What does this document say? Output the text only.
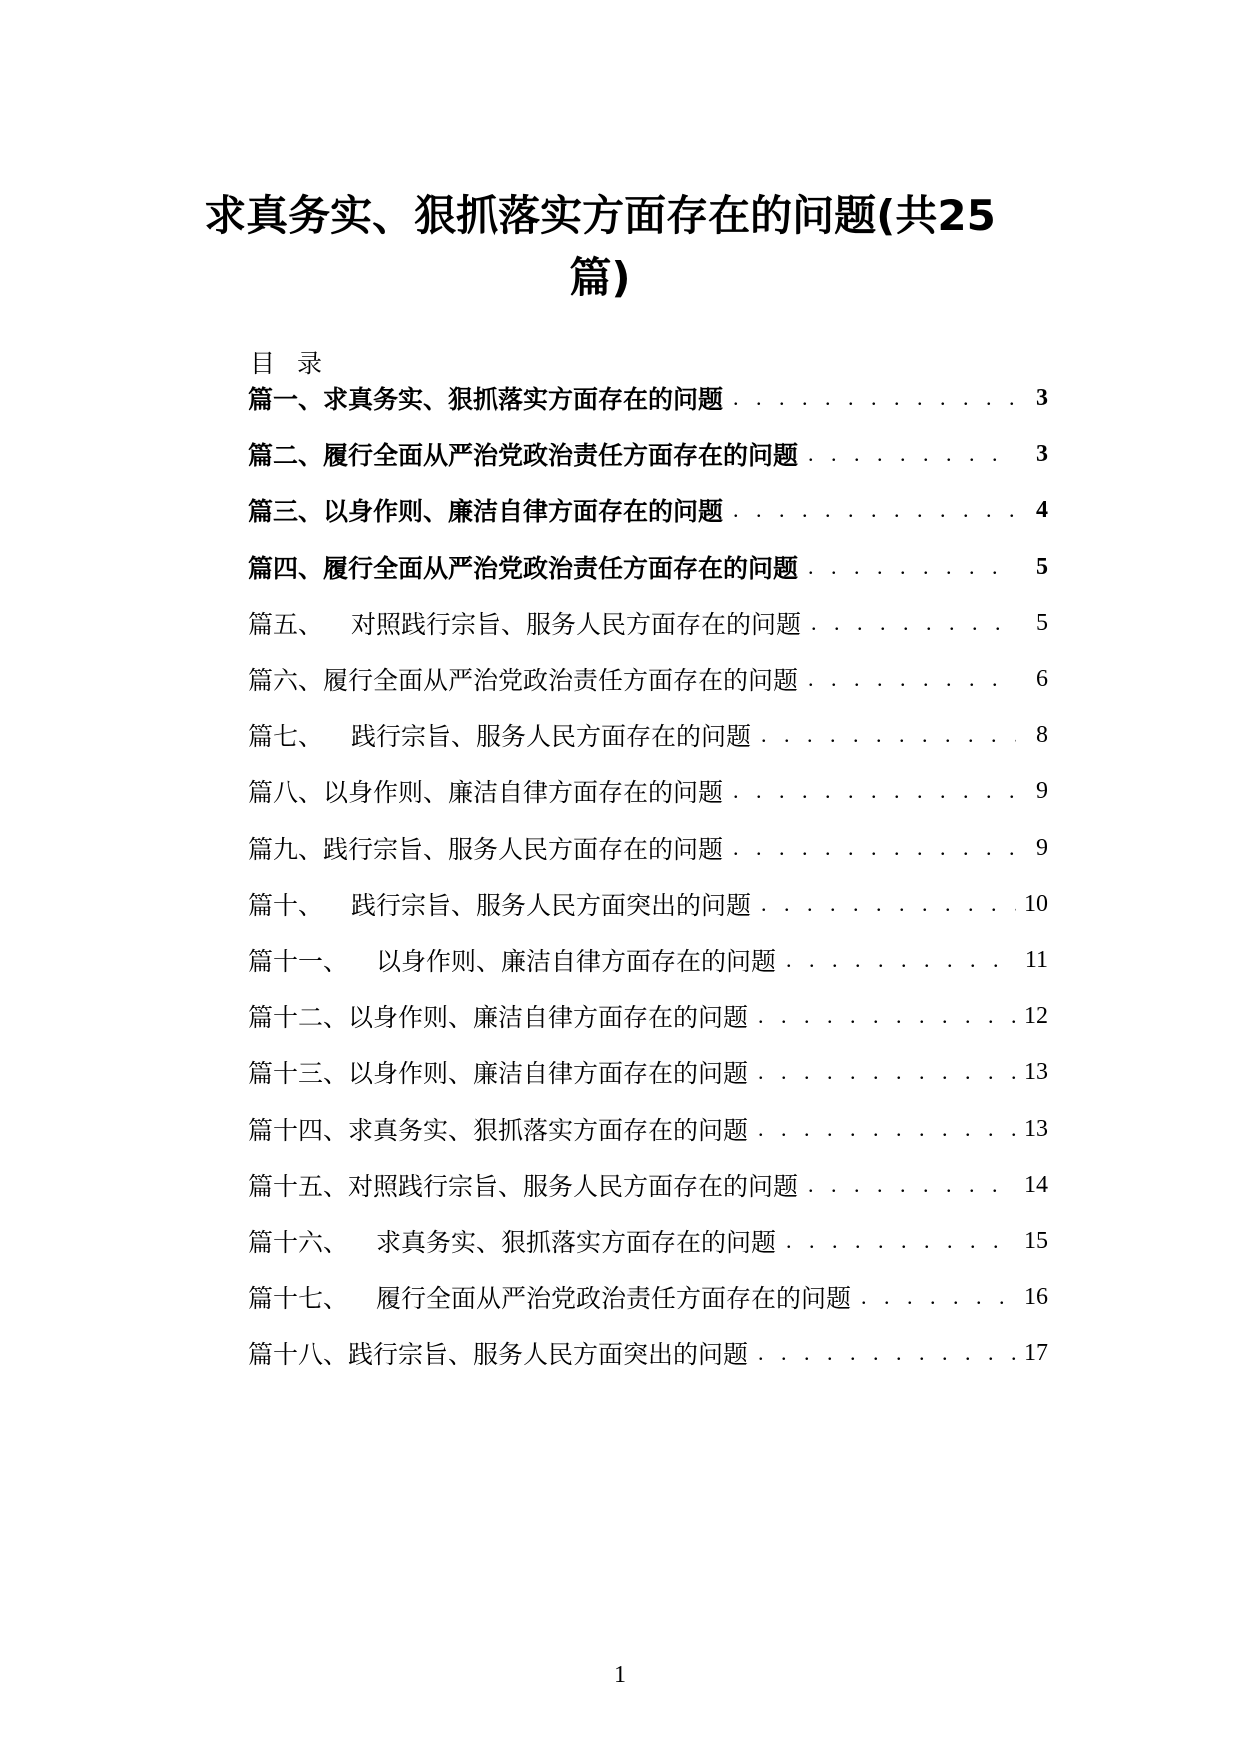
求真务实、狠抓落实方面存在的问题(共25
篇)
目录
篇一、求真务实、狠抓落实方面存在的问题 . . .	3
篇二、履行全面从严治党政治责任方面存在的问题 . . .	3
篇三、以身作则、廉洁自律方面存在的问题 . . .	4
篇四、履行全面从严治党政治责任方面存在的问题 . . .	5
篇五、 对照践行宗旨、服务人民方面存在的问题 . . .	5
篇六、履行全面从严治党政治责任方面存在的问题 . . .	6
篇七、 践行宗旨、服务人民方面存在的问题 . . .	8
篇八、以身作则、廉洁自律方面存在的问题 . . .	9
篇九、践行宗旨、服务人民方面存在的问题 . . .	9
篇十、 践行宗旨、服务人民方面突出的问题 . . .	10
篇十一、 以身作则、廉洁自律方面存在的问题 . . .	11
篇十二、以身作则、廉洁自律方面存在的问题 . . .	12
篇十三、以身作则、廉洁自律方面存在的问题 . . .	13
篇十四、求真务实、狠抓落实方面存在的问题 . . .	13
篇十五、对照践行宗旨、服务人民方面存在的问题 . . .	14
篇十六、 求真务实、狠抓落实方面存在的问题 . . .	15
篇十七、 履行全面从严治党政治责任方面存在的问题 . . .	16
篇十八、践行宗旨、服务人民方面突出的问题 . . .	17
1
